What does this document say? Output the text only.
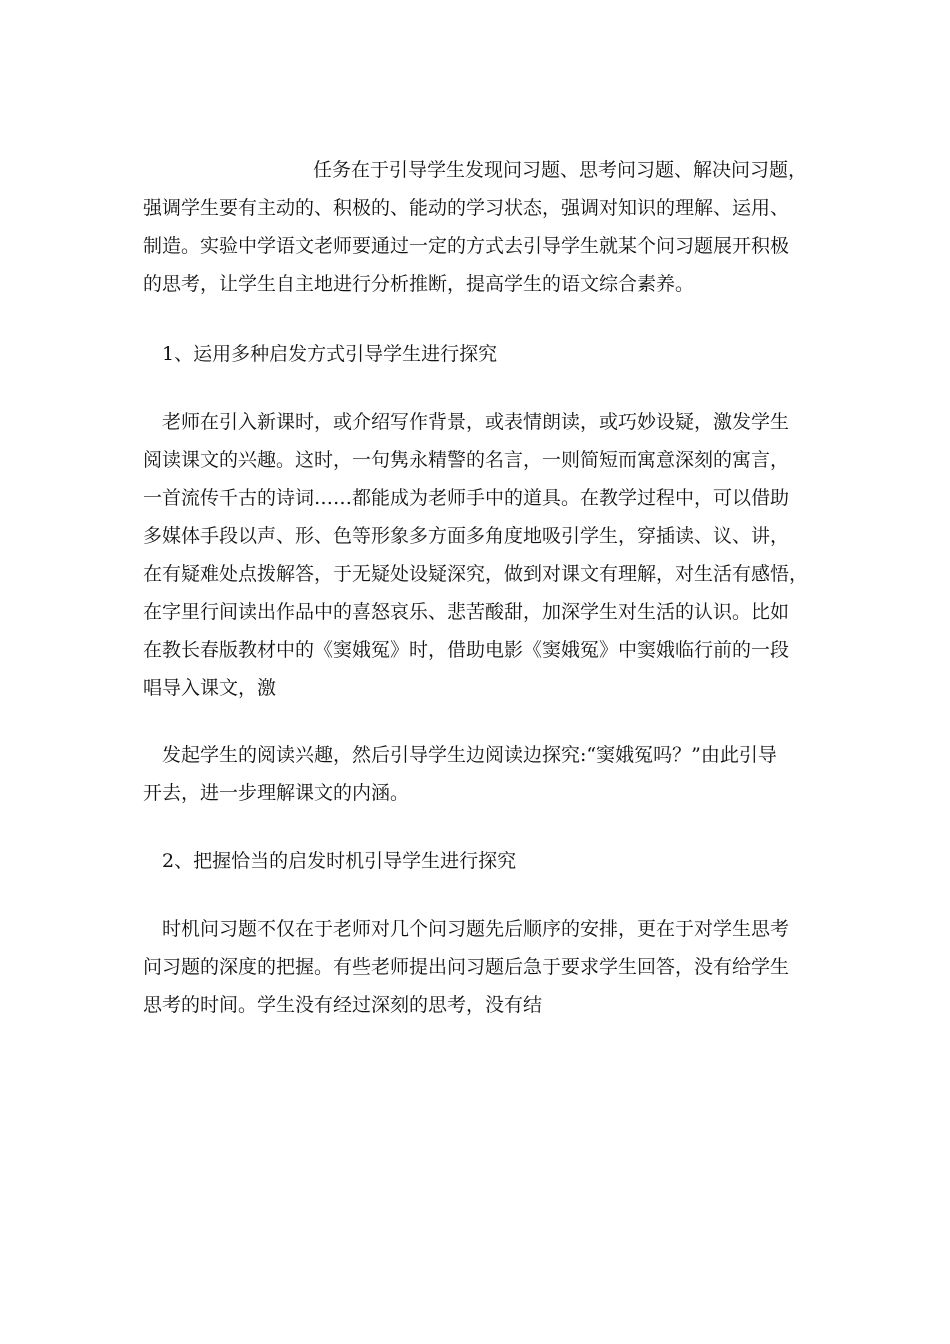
任务在于引导学生发现问习题、思考问习题、解决问习题，
强调学生要有主动的、积极的、能动的学习状态，强调对知识的理解、运用、
制造。实验中学语文老师要通过一定的方式去引导学生就某个问习题展开积极
的思考，让学生自主地进行分析推断，提高学生的语文综合素养。
1、运用多种启发方式引导学生进行探究
老师在引入新课时，或介绍写作背景，或表情朗读，或巧妙设疑，激发学生
阅读课文的兴趣。这时，一句隽永精警的名言，一则简短而寓意深刻的寓言，
一首流传千古的诗词……都能成为老师手中的道具。在教学过程中，可以借助
多媒体手段以声、形、色等形象多方面多角度地吸引学生，穿插读、议、讲，
在有疑难处点拨解答，于无疑处设疑深究，做到对课文有理解，对生活有感悟，
在字里行间读出作品中的喜怒哀乐、悲苦酸甜，加深学生对生活的认识。比如
在教长春版教材中的《窦娥冤》时，借助电影《窦娥冤》中窦娥临行前的一段
唱导入课文，激
发起学生的阅读兴趣，然后引导学生边阅读边探究:“窦娥冤吗？”由此引导
开去，进一步理解课文的内涵。
2、把握恰当的启发时机引导学生进行探究
时机问习题不仅在于老师对几个问习题先后顺序的安排，更在于对学生思考
问习题的深度的把握。有些老师提出问习题后急于要求学生回答，没有给学生
思考的时间。学生没有经过深刻的思考，没有结
